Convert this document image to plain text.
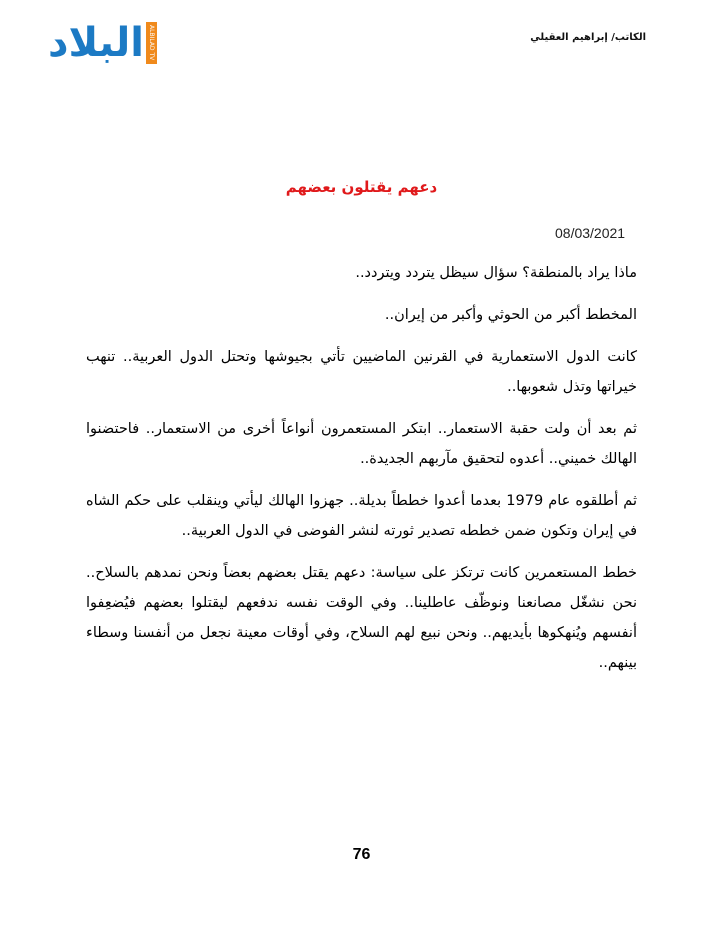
البلاد ALBILAD TV	الكاتب/ إبراهيم العقيلي
دعهم يقتلون بعضهم
08/03/2021

ماذا يراد بالمنطقة؟ سؤال سيظل يتردد ويتردد..

المخطط أكبر من الحوثي وأكبر من إيران..

كانت الدول الاستعمارية في القرنين الماضيين تأتي بجيوشها وتحتل الدول العربية.. تنهب خيراتها وتذل شعوبها..

ثم بعد أن ولت حقبة الاستعمار.. ابتكر المستعمرون أنواعاً أخرى من الاستعمار.. فاحتضنوا الهالك خميني.. أعدوه لتحقيق مآربهم الجديدة..

ثم أطلقوه عام 1979 بعدما أعدوا خططاً بديلة.. جهزوا الهالك ليأتي وينقلب على حكم الشاه في إيران وتكون ضمن خططه تصدير ثورته لنشر الفوضى في الدول العربية..

خطط المستعمرين كانت ترتكز على سياسة: دعهم يقتل بعضهم بعضاً ونحن نمدهم بالسلاح.. نحن نشغّل مصانعنا ونوظّف عاطلينا.. وفي الوقت نفسه ندفعهم ليقتلوا بعضهم فيُضعِفوا أنفسهم ويُنهكوها بأيديهم.. ونحن نبيع لهم السلاح، وفي أوقات معينة نجعل من أنفسنا وسطاء بينهم..

76
